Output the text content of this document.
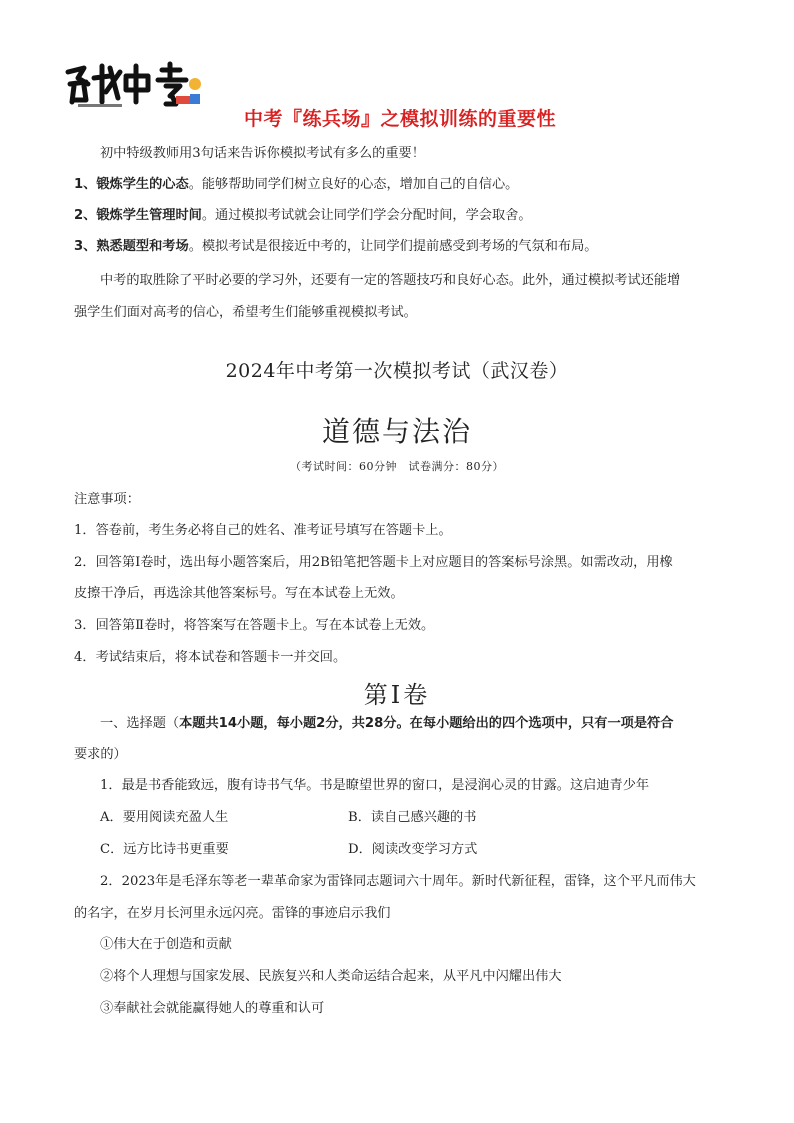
中考『练兵场』之模拟训练的重要性
初中特级教师用3句话来告诉你模拟考试有多么的重要！
1、锻炼学生的心态。能够帮助同学们树立良好的心态，增加自己的自信心。
2、锻炼学生管理时间。通过模拟考试就会让同学们学会分配时间，学会取舍。
3、熟悉题型和考场。模拟考试是很接近中考的，让同学们提前感受到考场的气氛和布局。
中考的取胜除了平时必要的学习外，还要有一定的答题技巧和良好心态。此外，通过模拟考试还能增
强学生们面对高考的信心，希望考生们能够重视模拟考试。
2024年中考第一次模拟考试（武汉卷）
道德与法治
（考试时间：60分钟　试卷满分：80分）
注意事项：
1．答卷前，考生务必将自己的姓名、准考证号填写在答题卡上。
2．回答第Ⅰ卷时，选出每小题答案后，用2B铅笔把答题卡上对应题目的答案标号涂黑。如需改动，用橡
皮擦干净后，再选涂其他答案标号。写在本试卷上无效。
3．回答第Ⅱ卷时，将答案写在答题卡上。写在本试卷上无效。
4．考试结束后，将本试卷和答题卡一并交回。
第Ⅰ卷
一、选择题（本题共14小题，每小题2分，共28分。在每小题给出的四个选项中，只有一项是符合
要求的）
1．最是书香能致远，腹有诗书气华。书是瞭望世界的窗口，是浸润心灵的甘露。这启迪青少年
A．要用阅读充盈人生	B．读自己感兴趣的书
C．远方比诗书更重要	D．阅读改变学习方式
2．2023年是毛泽东等老一辈革命家为雷锋同志题词六十周年。新时代新征程，雷锋，这个平凡而伟大
的名字，在岁月长河里永远闪亮。雷锋的事迹启示我们
①伟大在于创造和贡献
②将个人理想与国家发展、民族复兴和人类命运结合起来，从平凡中闪耀出伟大
③奉献社会就能赢得她人的尊重和认可
